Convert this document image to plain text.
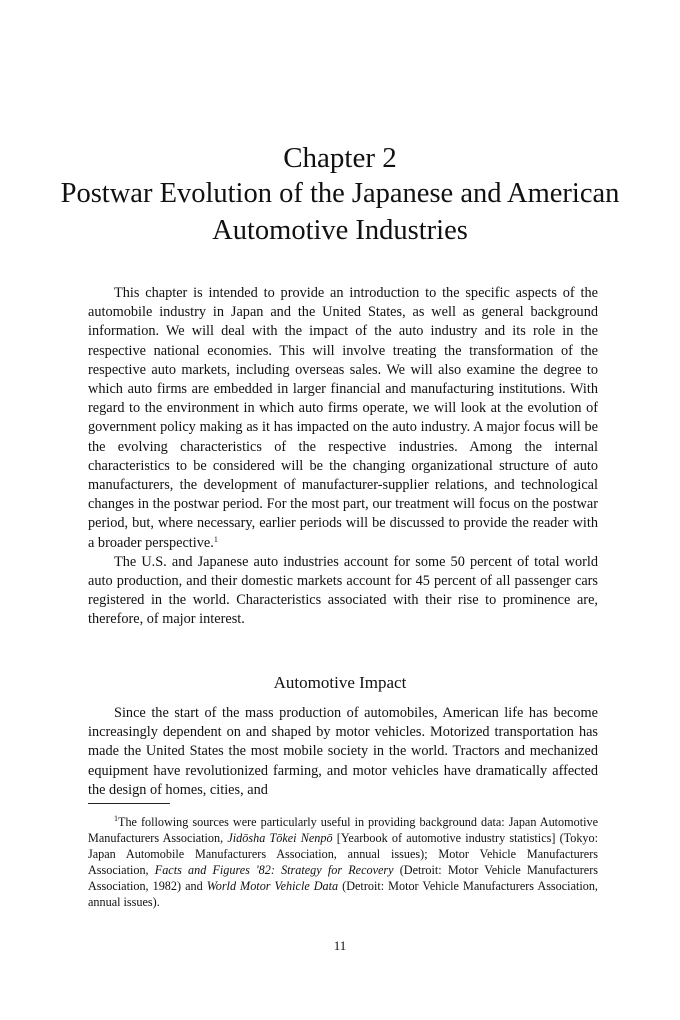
Chapter 2
Postwar Evolution of the Japanese and American Automotive Industries

This chapter is intended to provide an introduction to the specific aspects of the automobile industry in Japan and the United States, as well as general background information. We will deal with the impact of the auto industry and its role in the respective national economies. This will involve treating the transformation of the respective auto markets, including overseas sales. We will also examine the degree to which auto firms are embedded in larger financial and manufacturing institutions. With regard to the environment in which auto firms operate, we will look at the evolution of government policy making as it has impacted on the auto industry. A major focus will be the evolving characteristics of the respective industries. Among the internal characteristics to be considered will be the changing organizational structure of auto manufacturers, the development of manufacturer-supplier relations, and technological changes in the postwar period. For the most part, our treatment will focus on the postwar period, but, where necessary, earlier periods will be discussed to provide the reader with a broader perspective.$^1$

The U.S. and Japanese auto industries account for some 50 percent of total world auto production, and their domestic markets account for 45 percent of all passenger cars registered in the world. Characteristics associated with their rise to prominence are, therefore, of major interest.

Automotive Impact

Since the start of the mass production of automobiles, American life has become increasingly dependent on and shaped by motor vehicles. Motorized transportation has made the United States the most mobile society in the world. Tractors and mechanized equipment have revolutionized farming, and motor vehicles have dramatically affected the design of homes, cities, and

$^1$The following sources were particularly useful in providing background data: Japan Automotive Manufacturers Association, Jidōsha Tōkei Nenpō [Yearbook of automotive industry statistics] (Tokyo: Japan Automobile Manufacturers Association, annual issues); Motor Vehicle Manufacturers Association, Facts and Figures '82: Strategy for Recovery (Detroit: Motor Vehicle Manufacturers Association, 1982) and World Motor Vehicle Data (Detroit: Motor Vehicle Manufacturers Association, annual issues).

11
